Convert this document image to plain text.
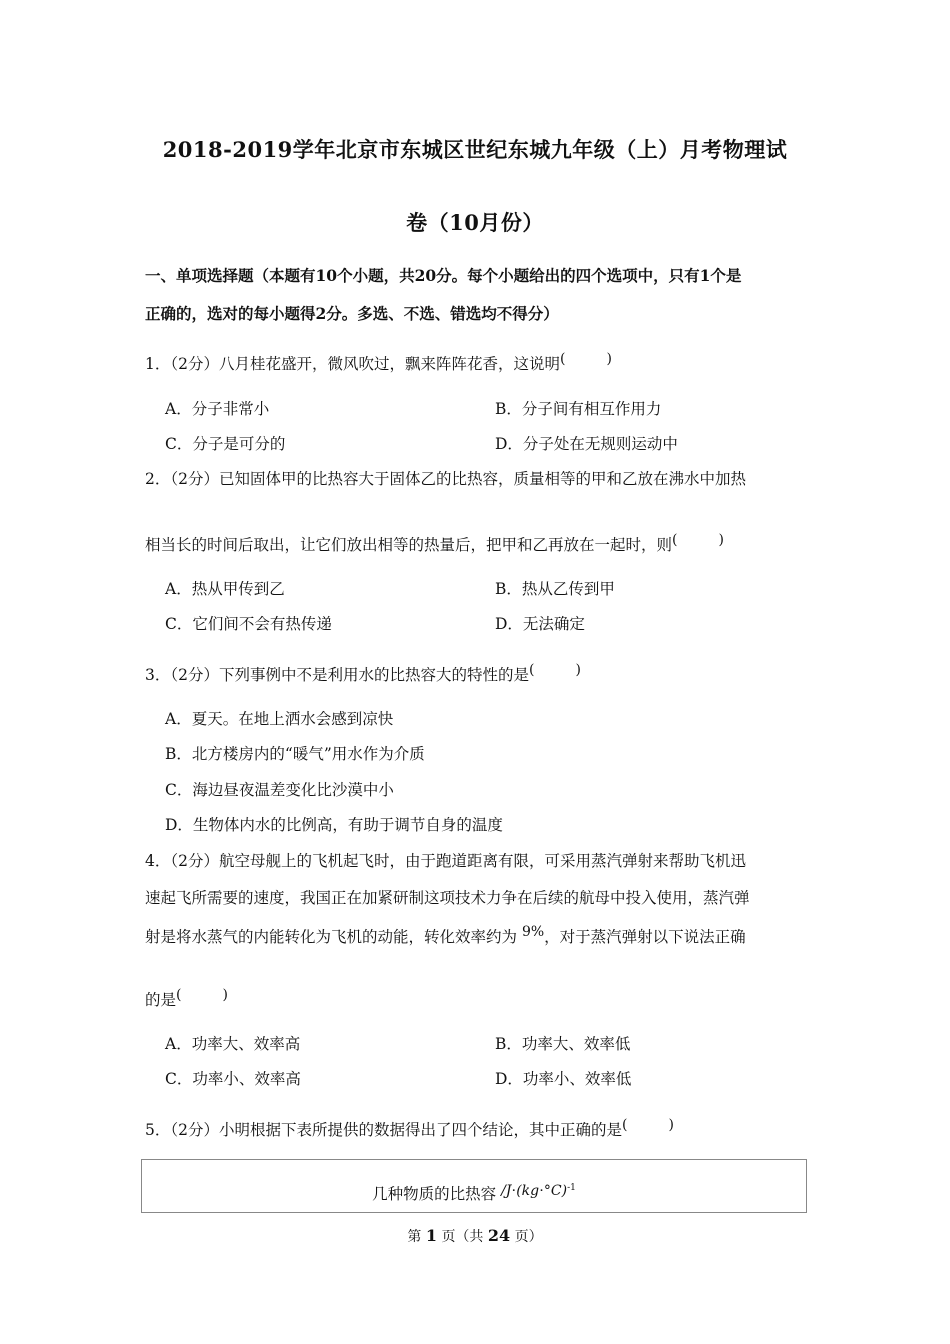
2018-2019学年北京市东城区世纪东城九年级（上）月考物理试
卷（10月份）
一、单项选择题（本题有10个小题，共20分。每个小题给出的四个选项中，只有1个是
正确的，选对的每小题得2分。多选、不选、错选均不得分）
1．（2分）八月桂花盛开，微风吹过，飘来阵阵花香，这说明(	)
A．分子非常小	B．分子间有相互作用力
C．分子是可分的	D．分子处在无规则运动中
2．（2分）已知固体甲的比热容大于固体乙的比热容，质量相等的甲和乙放在沸水中加热
相当长的时间后取出，让它们放出相等的热量后，把甲和乙再放在一起时，则(	)
A．热从甲传到乙	B．热从乙传到甲
C．它们间不会有热传递	D．无法确定
3．（2分）下列事例中不是利用水的比热容大的特性的是(	)
A．夏天。在地上洒水会感到凉快
B．北方楼房内的“暖气”用水作为介质
C．海边昼夜温差变化比沙漠中小
D．生物体内水的比例高，有助于调节自身的温度
4．（2分）航空母舰上的飞机起飞时，由于跑道距离有限，可采用蒸汽弹射来帮助飞机迅
速起飞所需要的速度，我国正在加紧研制这项技术力争在后续的航母中投入使用，蒸汽弹
射是将水蒸气的内能转化为飞机的动能，转化效率约为 9%，对于蒸汽弹射以下说法正确
的是(	)
A．功率大、效率高	B．功率大、效率低
C．功率小、效率高	D．功率小、效率低
5．（2分）小明根据下表所提供的数据得出了四个结论，其中正确的是(	)
几种物质的比热容 $/J\cdot(kg\cdot^\circ C)^{-1}$
第 1 页（共 24 页）
